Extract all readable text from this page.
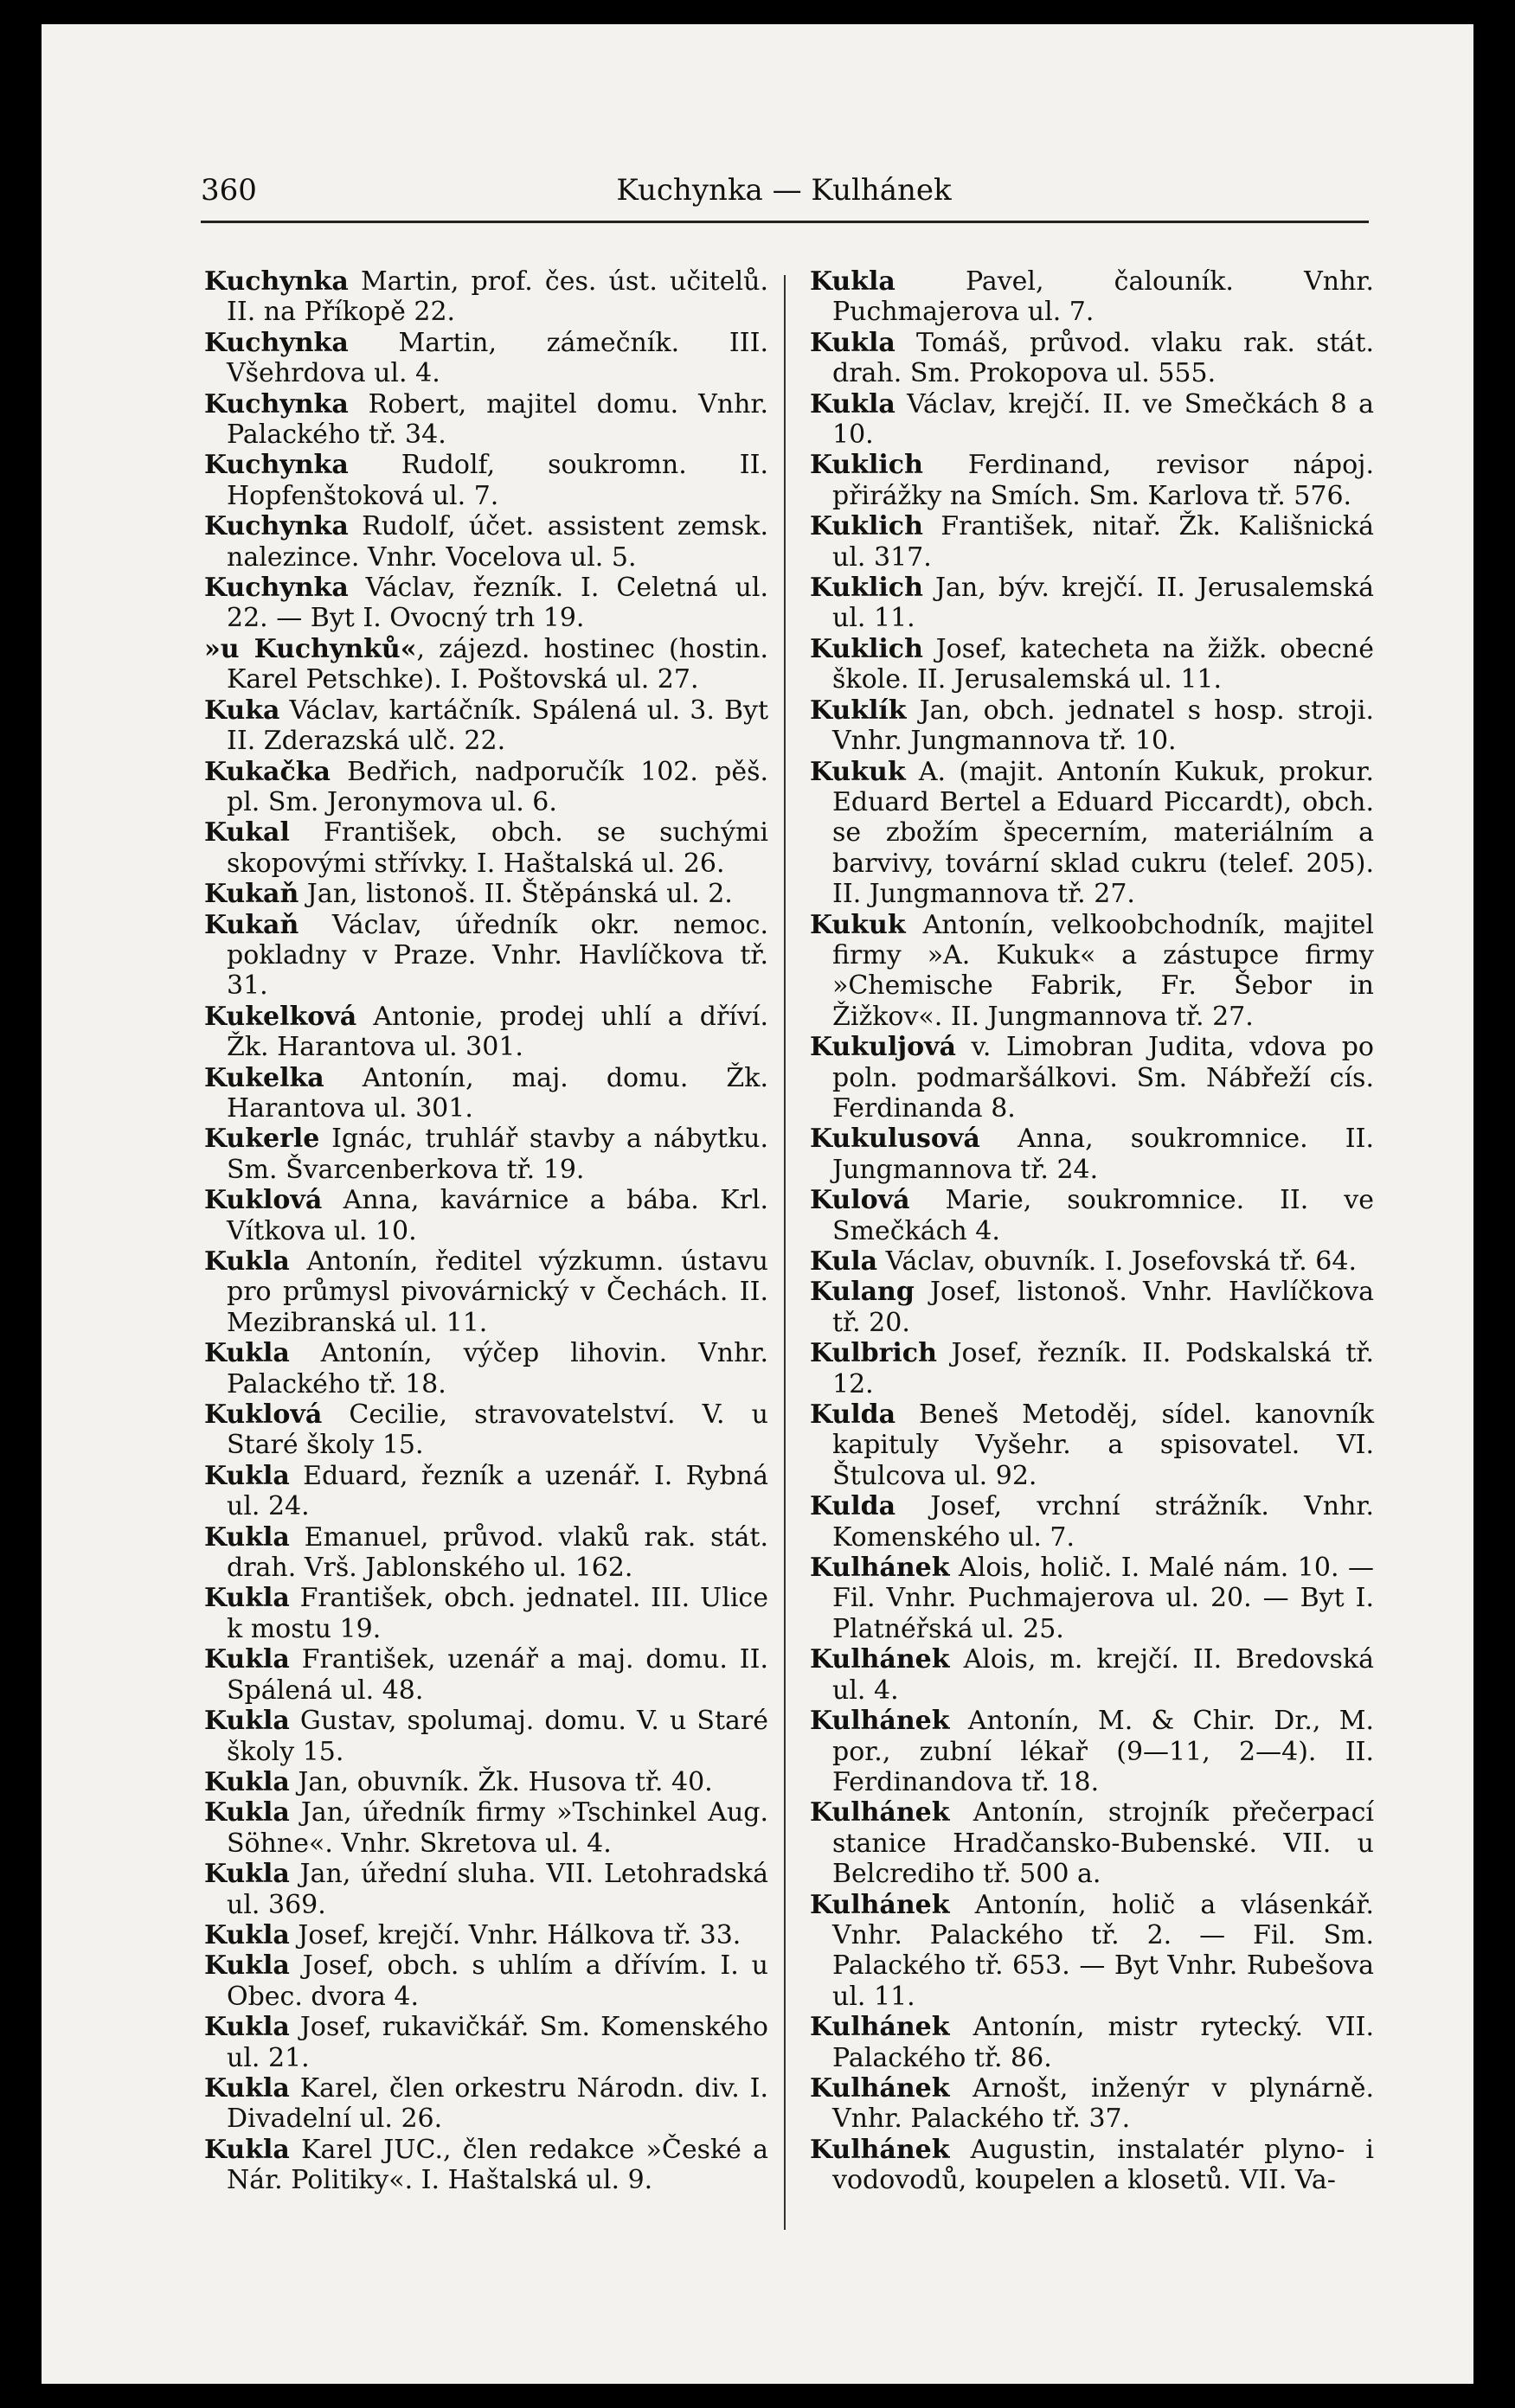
Kuchynka — Kulhánek
360

Kuchynka Martin, prof. čes. úst. učitelů. II. na Příkopě 22.

Kuchynka Martin, zámečník. III. Všehrdova ul. 4.

Kuchynka Robert, majitel domu. Vnhr. Palackého tř. 34.

Kuchynka Rudolf, soukromn. II. Hopfenštoková ul. 7.

Kuchynka Rudolf, účet. assistent zemsk. nalezince. Vnhr. Vocelova ul. 5.

Kuchynka Václav, řezník. I. Celetná ul. 22. — Byt I. Ovocný trh 19.

»u Kuchynků«, zájezd. hostinec (hostin. Karel Petschke). I. Poštovská ul. 27.

Kuka Václav, kartáčník. Spálená ul. 3. Byt II. Zderazská ulč. 22.

Kukačka Bedřich, nadporučík 102. pěš. pl. Sm. Jeronymova ul. 6.

Kukal František, obch. se suchými skopovými střívky. I. Haštalská ul. 26.

Kukaň Jan, listonoš. II. Štěpánská ul. 2.

Kukaň Václav, úředník okr. nemoc. pokladny v Praze. Vnhr. Havlíčkova tř. 31.

Kukelková Antonie, prodej uhlí a dříví. Žk. Harantova ul. 301.

Kukelka Antonín, maj. domu. Žk. Harantova ul. 301.

Kukerle Ignác, truhlář stavby a nábytku. Sm. Švarcenberkova tř. 19.

Kuklová Anna, kavárnice a bába. Krl. Vítkova ul. 10.

Kukla Antonín, ředitel výzkumn. ústavu pro průmysl pivovárnický v Čechách. II. Mezibranská ul. 11.

Kukla Antonín, výčep lihovin. Vnhr. Palackého tř. 18.

Kuklová Cecilie, stravovatelství. V. u Staré školy 15.

Kukla Eduard, řezník a uzenář. I. Rybná ul. 24.

Kukla Emanuel, průvod. vlaků rak. stát. drah. Vrš. Jablonského ul. 162.

Kukla František, obch. jednatel. III. Ulice k mostu 19.

Kukla František, uzenář a maj. domu. II. Spálená ul. 48.

Kukla Gustav, spolumaj. domu. V. u Staré školy 15.

Kukla Jan, obuvník. Žk. Husova tř. 40.

Kukla Jan, úředník firmy »Tschinkel Aug. Söhne«. Vnhr. Skretova ul. 4.

Kukla Jan, úřední sluha. VII. Letohradská ul. 369.

Kukla Josef, krejčí. Vnhr. Hálkova tř. 33.

Kukla Josef, obch. s uhlím a dřívím. I. u Obec. dvora 4.

Kukla Josef, rukavičkář. Sm. Komenského ul. 21.

Kukla Karel, člen orkestru Národn. div. I. Divadelní ul. 26.

Kukla Karel JUC., člen redakce »České a Nár. Politiky«. I. Haštalská ul. 9.

Kukla Pavel, čalouník. Vnhr. Puchmajerova ul. 7.

Kukla Tomáš, průvod. vlaku rak. stát. drah. Sm. Prokopova ul. 555.

Kukla Václav, krejčí. II. ve Smečkách 8 a 10.

Kuklich Ferdinand, revisor nápoj. přirážky na Smích. Sm. Karlova tř. 576.

Kuklich František, nitař. Žk. Kališnická ul. 317.

Kuklich Jan, býv. krejčí. II. Jerusalemská ul. 11.

Kuklich Josef, katecheta na žižk. obecné škole. II. Jerusalemská ul. 11.

Kuklík Jan, obch. jednatel s hosp. stroji. Vnhr. Jungmannova tř. 10.

Kukuk A. (majit. Antonín Kukuk, prokur. Eduard Bertel a Eduard Piccardt), obch. se zbožím špecerním, materiálním a barvivy, tovární sklad cukru (telef. 205). II. Jungmannova tř. 27.

Kukuk Antonín, velkoobchodník, majitel firmy »A. Kukuk« a zástupce firmy »Chemische Fabrik, Fr. Šebor in Žižkov«. II. Jungmannova tř. 27.

Kukuljová v. Limobran Judita, vdova po poln. podmaršálkovi. Sm. Nábřeží cís. Ferdinanda 8.

Kukulusová Anna, soukromnice. II. Jungmannova tř. 24.

Kulová Marie, soukromnice. II. ve Smečkách 4.

Kula Václav, obuvník. I. Josefovská tř. 64.

Kulang Josef, listonoš. Vnhr. Havlíčkova tř. 20.

Kulbrich Josef, řezník. II. Podskalská tř. 12.

Kulda Beneš Metoděj, sídel. kanovník kapituly Vyšehr. a spisovatel. VI. Štulcova ul. 92.

Kulda Josef, vrchní strážník. Vnhr. Komenského ul. 7.

Kulhánek Alois, holič. I. Malé nám. 10. — Fil. Vnhr. Puchmajerova ul. 20. — Byt I. Platnéřská ul. 25.

Kulhánek Alois, m. krejčí. II. Bredovská ul. 4.

Kulhánek Antonín, M. & Chir. Dr., M. por., zubní lékař (9—11, 2—4). II. Ferdinandova tř. 18.

Kulhánek Antonín, strojník přečerpací stanice Hradčansko-Bubenské. VII. u Belcrediho tř. 500 a.

Kulhánek Antonín, holič a vlásenkář. Vnhr. Palackého tř. 2. — Fil. Sm. Palackého tř. 653. — Byt Vnhr. Rubešova ul. 11.

Kulhánek Antonín, mistr rytecký. VII. Palackého tř. 86.

Kulhánek Arnošt, inženýr v plynárně. Vnhr. Palackého tř. 37.

Kulhánek Augustin, instalatér plyno- i vodovodů, koupelen a klosetů. VII. Va-
